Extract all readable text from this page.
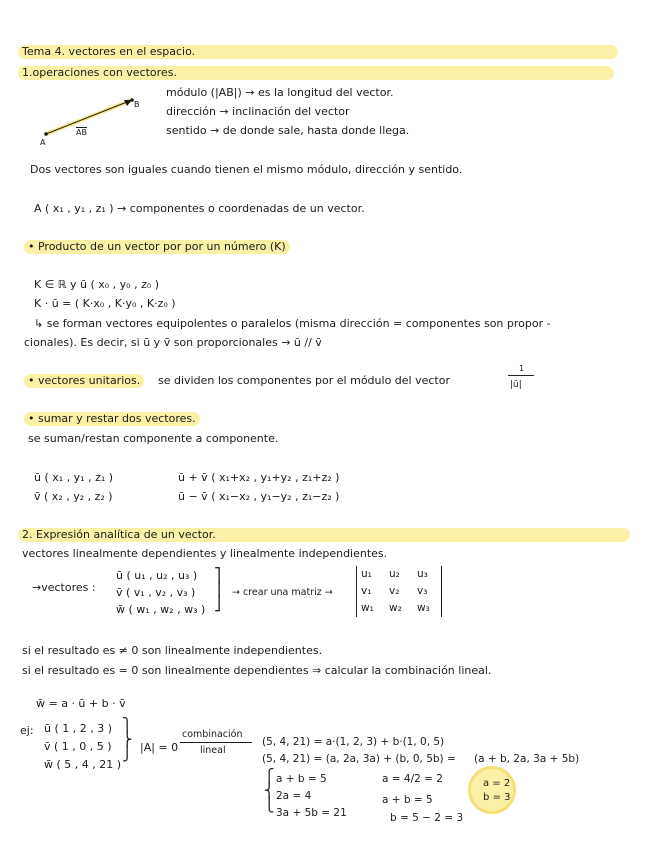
Tema 4. vectores en el espacio.
1.operaciones con vectores.
A
B
$\overline{AB}$
módulo (|AB|) → es la longitud del vector.
dirección → inclinación del vector
sentido → de donde sale, hasta donde llega.
Dos vectores son iguales cuando tienen el mismo módulo, dirección y sentido.
A ( x₁ , y₁ , z₁ ) → componentes o coordenadas de un vector.
• Producto de un vector por por un número (K)
K ∈ ℝ y ū ( x₀ , y₀ , z₀ )
K · ū = ( K·x₀ , K·y₀ , K·z₀ )
↳ se forman vectores equipolentes o paralelos (misma dirección = componentes son propor -
cionales). Es decir, si ū y v̄ son proporcionales → ū // v̄
• vectores unitarios.	se dividen los componentes por el módulo del vector
1
|ū|
• sumar y restar dos vectores.
se suman/restan componente a componente.
ū ( x₁ , y₁ , z₁ )
v̄ ( x₂ , y₂ , z₂ )
ū + v̄ ( x₁+x₂ , y₁+y₂ , z₁+z₂ )
ū − v̄ ( x₁−x₂ , y₁−y₂ , z₁−z₂ )
2. Expresión analítica de un vector.
vectores linealmente dependientes y linealmente independientes.
→vectores :
ū ( u₁ , u₂ , u₃ )
v̄ ( v₁ , v₂ , v₃ )
w̄ ( w₁ , w₂ , w₃ )
⎤
⎥
⎦
→ crear una matriz →
u₁	u₂	u₃
v₁	v₂	v₃
w₁	w₂	w₃
si el resultado es ≠ 0 son linealmente independientes.
si el resultado es = 0 son linealmente dependientes ⇒ calcular la combinación lineal.
w̄ = a · ū + b · v̄
ej: ū ( 1 , 2 , 3 )
v̄ ( 1 , 0 , 5 )
w̄ ( 5 , 4 , 21 )
⎫
⎬
⎭ |A| = 0
combinación
lineal
(5, 4, 21) = a·(1, 2, 3) + b·(1, 0, 5)
(5, 4, 21) = (a, 2a, 3a) + (b, 0, 5b) = (a + b, 2a, 3a + 5b)
⎧
⎨
⎩
a + b = 5
2a = 4
3a + 5b = 21
a = 4/2 = 2
a + b = 5
b = 5 − 2 = 3
a = 2
b = 3
